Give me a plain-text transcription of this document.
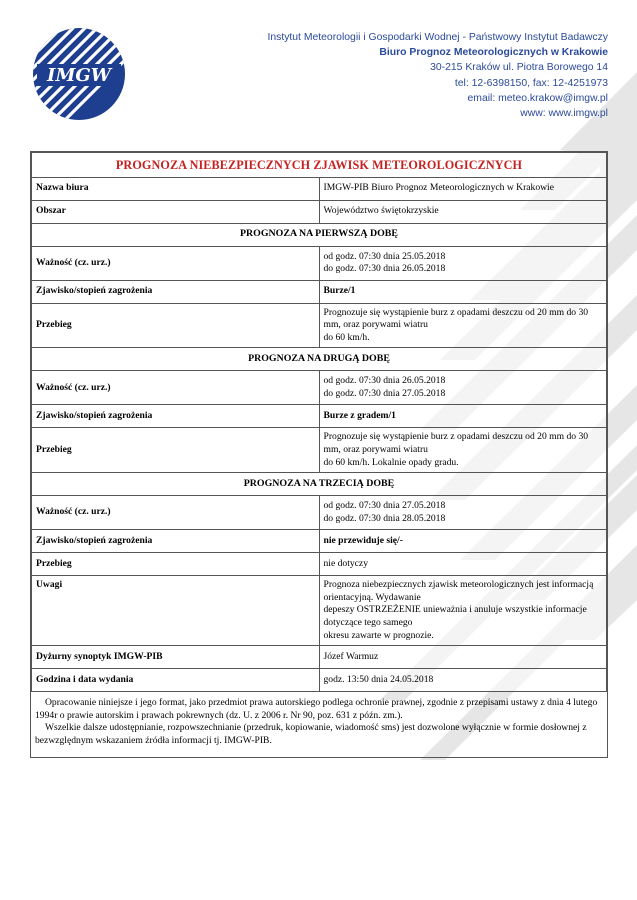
IMGW
Instytut Meteorologii i Gospodarki Wodnej - Państwowy Instytut Badawczy
Biuro Prognoz Meteorologicznych w Krakowie
30-215 Kraków ul. Piotra Borowego 14
tel: 12-6398150, fax: 12-4251973
email: meteo.krakow@imgw.pl
www: www.imgw.pl
PROGNOZA NIEBEZPIECZNYCH ZJAWISK METEOROLOGICZNYCH	
Nazwa biura	IMGW-PIB Biuro Prognoz Meteorologicznych w Krakowie
Obszar	Województwo świętokrzyskie
PROGNOZA NA PIERWSZĄ DOBĘ	
Ważność (cz. urz.)	od godz. 07:30 dnia 25.05.2018
do godz. 07:30 dnia 26.05.2018

Zjawisko/stopień zagrożenia	Burze/1
Przebieg	Prognozuje się wystąpienie burz z opadami deszczu od 20 mm do 30 mm, oraz porywami wiatru
do 60 km/h.

PROGNOZA NA DRUGĄ DOBĘ	
Ważność (cz. urz.)	od godz. 07:30 dnia 26.05.2018
do godz. 07:30 dnia 27.05.2018

Zjawisko/stopień zagrożenia	Burze z gradem/1
Przebieg	Prognozuje się wystąpienie burz z opadami deszczu od 20 mm do 30 mm, oraz porywami wiatru
do 60 km/h. Lokalnie opady gradu.

PROGNOZA NA TRZECIĄ DOBĘ	
Ważność (cz. urz.)	od godz. 07:30 dnia 27.05.2018
do godz. 07:30 dnia 28.05.2018

Zjawisko/stopień zagrożenia	nie przewiduje się/-
Przebieg	nie dotyczy
Uwagi	Prognoza niebezpiecznych zjawisk meteorologicznych jest informacją orientacyjną. Wydawanie
depeszy OSTRZEŻENIE unieważnia i anuluje wszystkie informacje dotyczące tego samego
okresu zawarte w prognozie.

Dyżurny synoptyk IMGW-PIB	Józef Warmuz
Godzina i data wydania	godz. 13:50 dnia 24.05.2018

Opracowanie niniejsze i jego format, jako przedmiot prawa autorskiego podlega ochronie prawnej, zgodnie z przepisami ustawy z dnia 4 lutego 1994r o prawie autorskim i prawach pokrewnych (dz. U. z 2006 r. Nr 90, poz. 631 z późn. zm.).

Wszelkie dalsze udostępnianie, rozpowszechnianie (przedruk, kopiowanie, wiadomość sms) jest dozwolone wyłącznie w formie dosłownej z bezwzględnym wskazaniem źródła informacji tj. IMGW-PIB.
